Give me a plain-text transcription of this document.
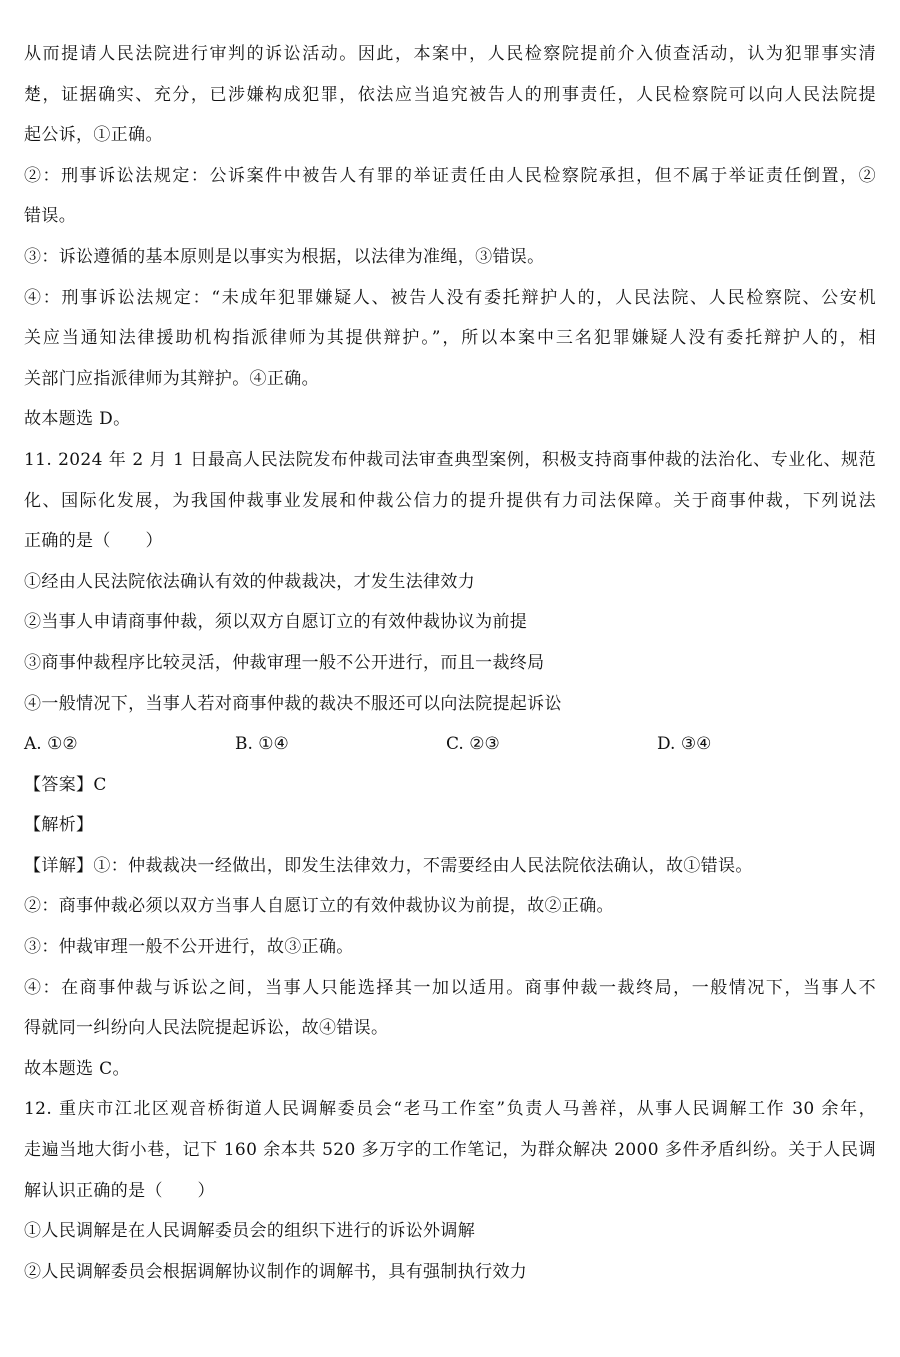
从而提请人民法院进行审判的诉讼活动。因此，本案中，人民检察院提前介入侦查活动，认为犯罪事实清
楚，证据确实、充分，已涉嫌构成犯罪，依法应当追究被告人的刑事责任，人民检察院可以向人民法院提
起公诉，①正确。
②：刑事诉讼法规定：公诉案件中被告人有罪的举证责任由人民检察院承担，但不属于举证责任倒置，②
错误。
③：诉讼遵循的基本原则是以事实为根据，以法律为准绳，③错误。
④：刑事诉讼法规定：“未成年犯罪嫌疑人、被告人没有委托辩护人的，人民法院、人民检察院、公安机
关应当通知法律援助机构指派律师为其提供辩护。”，所以本案中三名犯罪嫌疑人没有委托辩护人的，相
关部门应指派律师为其辩护。④正确。
故本题选 D。
11. 2024 年 2 月 1 日最高人民法院发布仲裁司法审查典型案例，积极支持商事仲裁的法治化、专业化、规范
化、国际化发展，为我国仲裁事业发展和仲裁公信力的提升提供有力司法保障。关于商事仲裁，下列说法
正确的是（　　）
①经由人民法院依法确认有效的仲裁裁决，才发生法律效力
②当事人申请商事仲裁，须以双方自愿订立的有效仲裁协议为前提
③商事仲裁程序比较灵活，仲裁审理一般不公开进行，而且一裁终局
④一般情况下，当事人若对商事仲裁的裁决不服还可以向法院提起诉讼
A. ①②	B. ①④	C. ②③	D. ③④
【答案】C
【解析】
【详解】①：仲裁裁决一经做出，即发生法律效力，不需要经由人民法院依法确认，故①错误。
②：商事仲裁必须以双方当事人自愿订立的有效仲裁协议为前提，故②正确。
③：仲裁审理一般不公开进行，故③正确。
④：在商事仲裁与诉讼之间，当事人只能选择其一加以适用。商事仲裁一裁终局，一般情况下，当事人不
得就同一纠纷向人民法院提起诉讼，故④错误。
故本题选 C。
12. 重庆市江北区观音桥街道人民调解委员会“老马工作室”负责人马善祥，从事人民调解工作 30 余年，
走遍当地大街小巷，记下 160 余本共 520 多万字的工作笔记，为群众解决 2000 多件矛盾纠纷。关于人民调
解认识正确的是（　　）
①人民调解是在人民调解委员会的组织下进行的诉讼外调解
②人民调解委员会根据调解协议制作的调解书，具有强制执行效力
